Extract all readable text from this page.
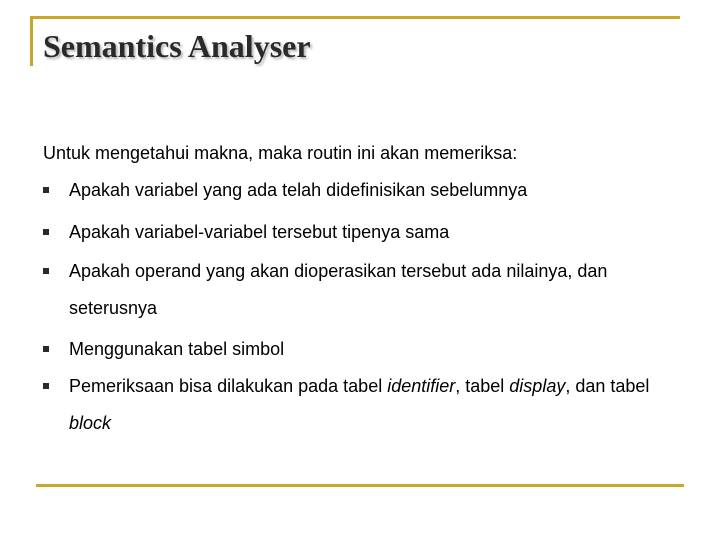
Semantics Analyser
Untuk mengetahui makna, maka routin ini akan memeriksa:
Apakah variabel yang ada telah didefinisikan sebelumnya
Apakah variabel-variabel tersebut tipenya sama
Apakah operand yang akan dioperasikan tersebut ada nilainya, dan seterusnya
Menggunakan tabel simbol
Pemeriksaan bisa dilakukan pada tabel identifier, tabel display, dan tabel block
